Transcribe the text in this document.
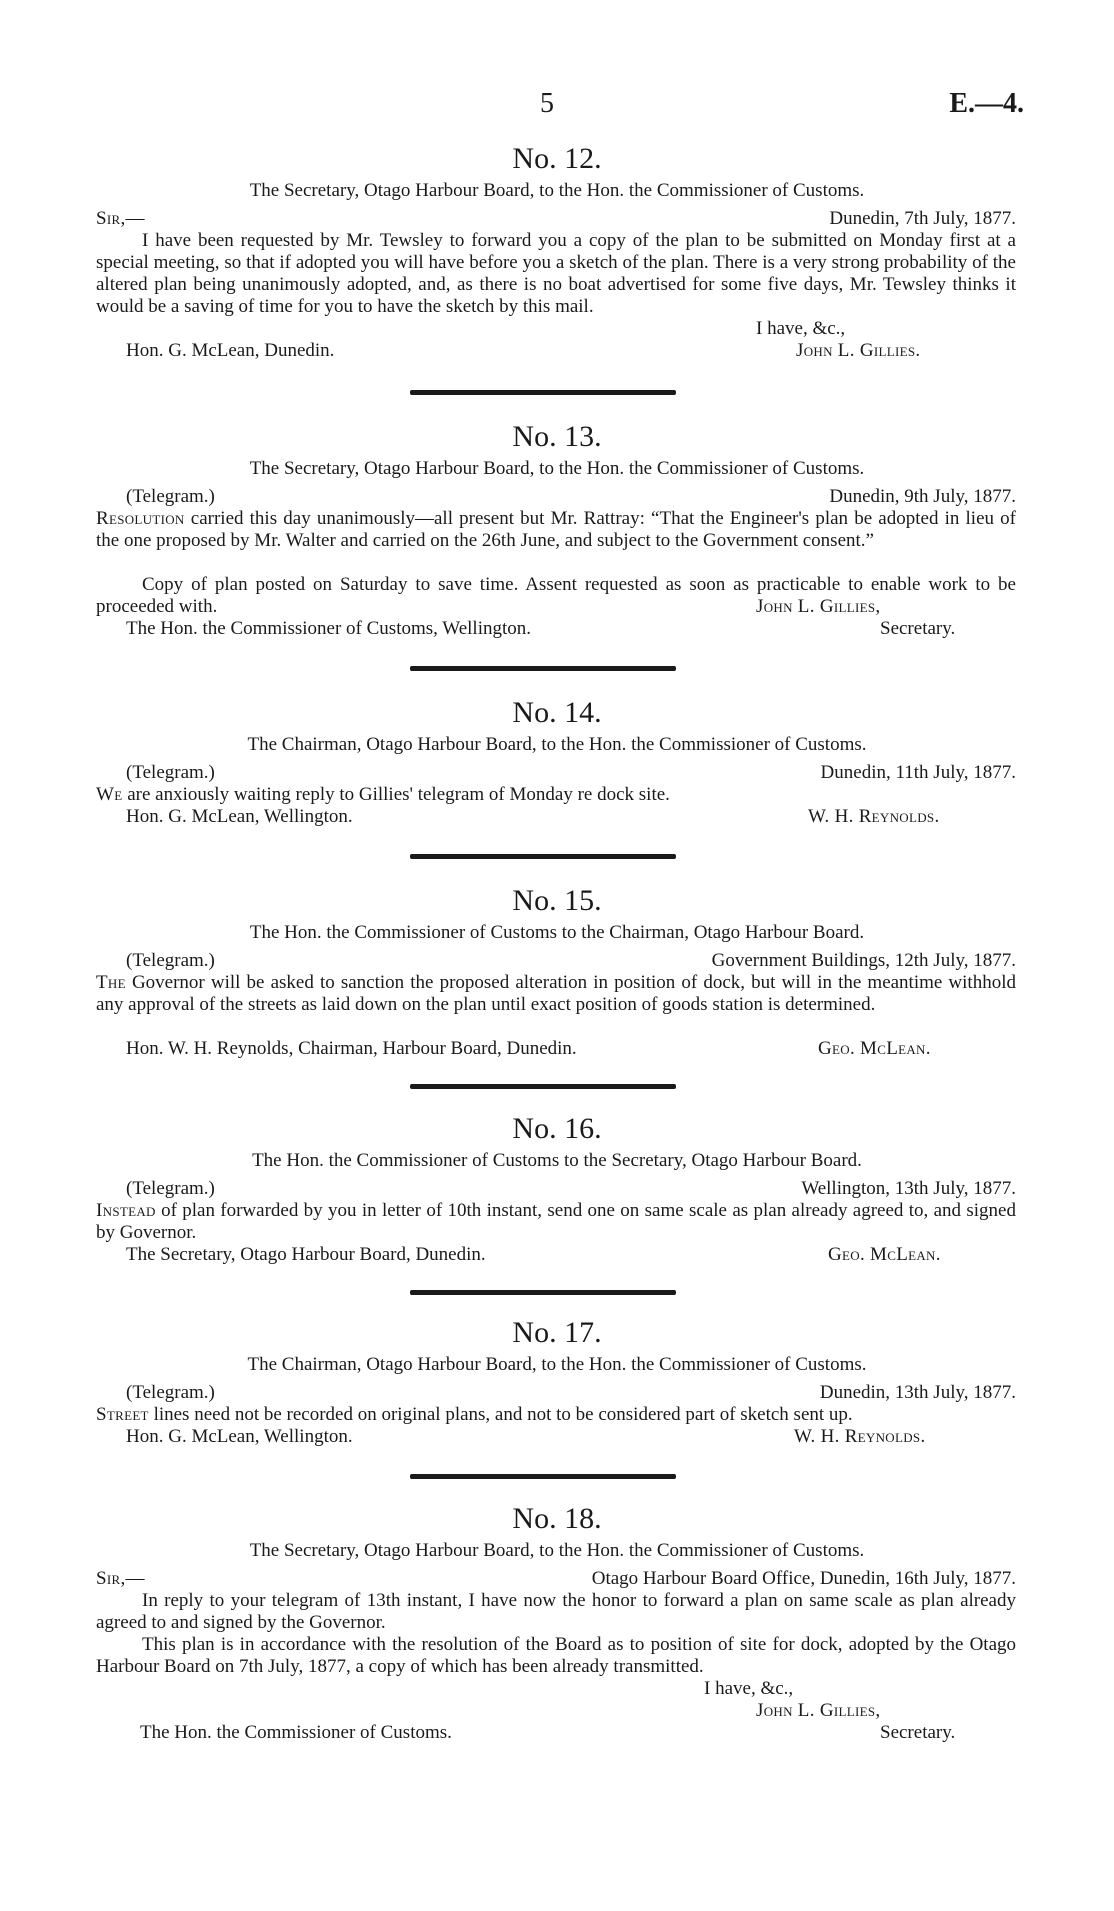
5	E.—4.
No. 12.
The Secretary, Otago Harbour Board, to the Hon. the Commissioner of Customs.
Sir,—	Dunedin, 7th July, 1877.
I have been requested by Mr. Tewsley to forward you a copy of the plan to be submitted on Monday first at a special meeting, so that if adopted you will have before you a sketch of the plan. There is a very strong probability of the altered plan being unanimously adopted, and, as there is no boat advertised for some five days, Mr. Tewsley thinks it would be a saving of time for you to have the sketch by this mail.
I have, &c.,
Hon. G. McLean, Dunedin.	John L. Gillies.
No. 13.
The Secretary, Otago Harbour Board, to the Hon. the Commissioner of Customs.
(Telegram.)	Dunedin, 9th July, 1877.
Resolution carried this day unanimously—all present but Mr. Rattray: “That the Engineer's plan be adopted in lieu of the one proposed by Mr. Walter and carried on the 26th June, and subject to the Government consent.”
Copy of plan posted on Saturday to save time. Assent requested as soon as practicable to enable work to be proceeded with.	John L. Gillies,
The Hon. the Commissioner of Customs, Wellington.	Secretary.
No. 14.
The Chairman, Otago Harbour Board, to the Hon. the Commissioner of Customs.
(Telegram.)	Dunedin, 11th July, 1877.
We are anxiously waiting reply to Gillies' telegram of Monday re dock site.
Hon. G. McLean, Wellington.	W. H. Reynolds.
No. 15.
The Hon. the Commissioner of Customs to the Chairman, Otago Harbour Board.
(Telegram.)	Government Buildings, 12th July, 1877.
The Governor will be asked to sanction the proposed alteration in position of dock, but will in the meantime withhold any approval of the streets as laid down on the plan until exact position of goods station is determined.
Hon. W. H. Reynolds, Chairman, Harbour Board, Dunedin.	Geo. McLean.
No. 16.
The Hon. the Commissioner of Customs to the Secretary, Otago Harbour Board.
(Telegram.)	Wellington, 13th July, 1877.
Instead of plan forwarded by you in letter of 10th instant, send one on same scale as plan already agreed to, and signed by Governor.
The Secretary, Otago Harbour Board, Dunedin.	Geo. McLean.
No. 17.
The Chairman, Otago Harbour Board, to the Hon. the Commissioner of Customs.
(Telegram.)	Dunedin, 13th July, 1877.
Street lines need not be recorded on original plans, and not to be considered part of sketch sent up.
Hon. G. McLean, Wellington.	W. H. Reynolds.
No. 18.
The Secretary, Otago Harbour Board, to the Hon. the Commissioner of Customs.
Sir,—	Otago Harbour Board Office, Dunedin, 16th July, 1877.
In reply to your telegram of 13th instant, I have now the honor to forward a plan on same scale as plan already agreed to and signed by the Governor.
This plan is in accordance with the resolution of the Board as to position of site for dock, adopted by the Otago Harbour Board on 7th July, 1877, a copy of which has been already transmitted.
I have, &c.,
John L. Gillies,
The Hon. the Commissioner of Customs.	Secretary.
